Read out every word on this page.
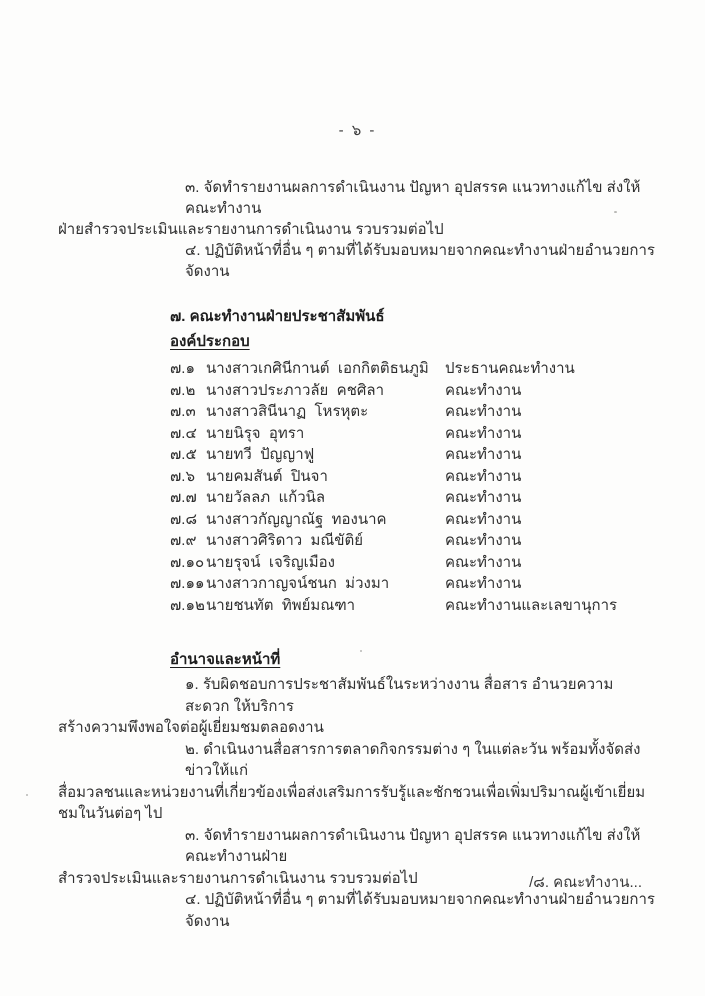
- ๖ -
๓. จัดทำรายงานผลการดำเนินงาน ปัญหา อุปสรรค แนวทางแก้ไข ส่งให้คณะทำงาน
ฝ่ายสำรวจประเมินและรายงานการดำเนินงาน รวบรวมต่อไป
๔. ปฏิบัติหน้าที่อื่น ๆ ตามที่ได้รับมอบหมายจากคณะทำงานฝ่ายอำนวยการจัดงาน
๗. คณะทำงานฝ่ายประชาสัมพันธ์
องค์ประกอบ
๗.๑ นางสาวเกศินีกานต์  เอกกิตติธนภูมิ	ประธานคณะทำงาน
๗.๒ นางสาวประภาวลัย  คชศิลา	คณะทำงาน
๗.๓ นางสาวสินีนาฏ  โหรหุตะ	คณะทำงาน
๗.๔ นายนิรุจ  อุทรา	คณะทำงาน
๗.๕ นายทวี  ปัญญาฟู	คณะทำงาน
๗.๖ นายคมสันต์  ปินจา	คณะทำงาน
๗.๗ นายวัลลภ  แก้วนิล	คณะทำงาน
๗.๘ นางสาวกัญญาณัฐ  ทองนาค	คณะทำงาน
๗.๙ นางสาวศิริดาว  มณีขัติย์	คณะทำงาน
๗.๑๐ นายรุจน์  เจริญเมือง	คณะทำงาน
๗.๑๑ นางสาวกาญจน์ชนก  ม่วงมา	คณะทำงาน
๗.๑๒ นายชนทัต  ทิพย์มณฑา	คณะทำงานและเลขานุการ
อำนาจและหน้าที่
๑. รับผิดชอบการประชาสัมพันธ์ในระหว่างงาน สื่อสาร อำนวยความสะดวก ให้บริการ
สร้างความพึงพอใจต่อผู้เยี่ยมชมตลอดงาน
๒. ดำเนินงานสื่อสารการตลาดกิจกรรมต่าง ๆ ในแต่ละวัน พร้อมทั้งจัดส่งข่าวให้แก่
สื่อมวลชนและหน่วยงานที่เกี่ยวข้องเพื่อส่งเสริมการรับรู้และชักชวนเพื่อเพิ่มปริมาณผู้เข้าเยี่ยมชมในวันต่อๆ ไป
๓. จัดทำรายงานผลการดำเนินงาน ปัญหา อุปสรรค แนวทางแก้ไข ส่งให้คณะทำงานฝ่าย
สำรวจประเมินและรายงานการดำเนินงาน รวบรวมต่อไป
๔. ปฏิบัติหน้าที่อื่น ๆ ตามที่ได้รับมอบหมายจากคณะทำงานฝ่ายอำนวยการจัดงาน
/๘. คณะทำงาน...
